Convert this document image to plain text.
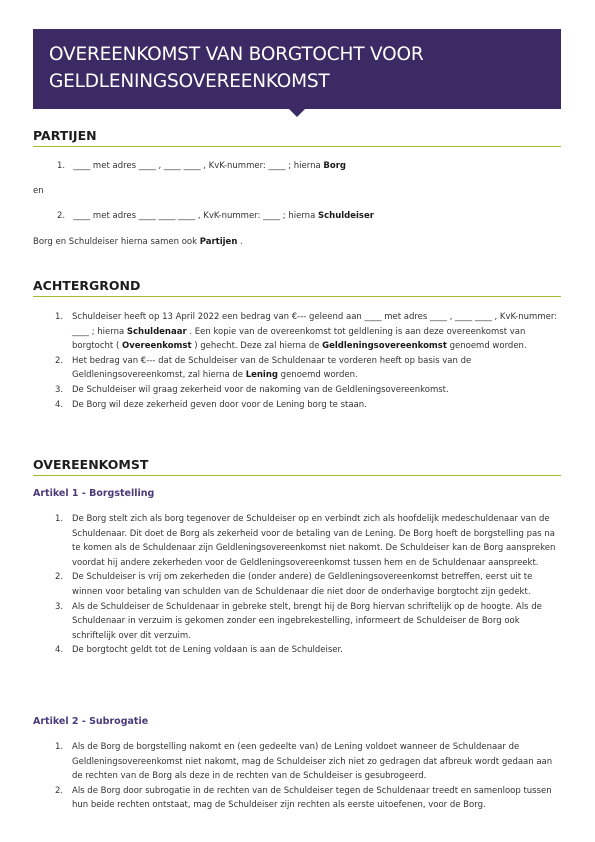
OVEREENKOMST VAN BORGTOCHT VOOR
GELDLENINGSOVEREENKOMST
PARTIJEN

1. ____ met adres ____ , ____ ____ , KvK-nummer: ____ ; hierna Borg

en

2. ____ met adres ____ ____ ____ , KvK-nummer: ____ ; hierna Schuldeiser

Borg en Schuldeiser hierna samen ook Partijen .

ACHTERGROND
1. Schuldeiser heeft op 13 April 2022 een bedrag van €--- geleend aan ____ met adres ____ , ____ ____ , KvK-nummer: ____ ; hierna Schuldenaar . Een kopie van de overeenkomst tot geldlening is aan deze overeenkomst van borgtocht ( Overeenkomst ) gehecht. Deze zal hierna de Geldleningsovereenkomst genoemd worden.
2. Het bedrag van €--- dat de Schuldeiser van de Schuldenaar te vorderen heeft op basis van de Geldleningsovereenkomst, zal hierna de Lening genoemd worden.
3. De Schuldeiser wil graag zekerheid voor de nakoming van de Geldleningsovereenkomst.
4. De Borg wil deze zekerheid geven door voor de Lening borg te staan.
OVEREENKOMST
Artikel 1 - Borgstelling
1. De Borg stelt zich als borg tegenover de Schuldeiser op en verbindt zich als hoofdelijk medeschuldenaar van de Schuldenaar. Dit doet de Borg als zekerheid voor de betaling van de Lening. De Borg hoeft de borgstelling pas na te komen als de Schuldenaar zijn Geldleningsovereenkomst niet nakomt. De Schuldeiser kan de Borg aanspreken voordat hij andere zekerheden voor de Geldleningsovereenkomst tussen hem en de Schuldenaar aanspreekt.
2. De Schuldeiser is vrij om zekerheden die (onder andere) de Geldleningsovereenkomst betreffen, eerst uit te winnen voor betaling van schulden van de Schuldenaar die niet door de onderhavige borgtocht zijn gedekt.
3. Als de Schuldeiser de Schuldenaar in gebreke stelt, brengt hij de Borg hiervan schriftelijk op de hoogte. Als de Schuldenaar in verzuim is gekomen zonder een ingebrekestelling, informeert de Schuldeiser de Borg ook schriftelijk over dit verzuim.
4. De borgtocht geldt tot de Lening voldaan is aan de Schuldeiser.
Artikel 2 - Subrogatie
1. Als de Borg de borgstelling nakomt en (een gedeelte van) de Lening voldoet wanneer de Schuldenaar de Geldleningsovereenkomst niet nakomt, mag de Schuldeiser zich niet zo gedragen dat afbreuk wordt gedaan aan de rechten van de Borg als deze in de rechten van de Schuldeiser is gesubrogeerd.
2. Als de Borg door subrogatie in de rechten van de Schuldeiser tegen de Schuldenaar treedt en samenloop tussen hun beide rechten ontstaat, mag de Schuldeiser zijn rechten als eerste uitoefenen, voor de Borg.
